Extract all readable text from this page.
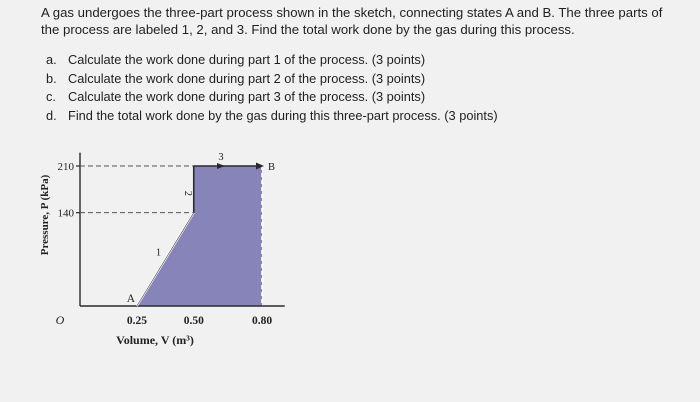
A gas undergoes the three-part process shown in the sketch, connecting states A and B. The three parts of the process are labeled 1, 2, and 3. Find the total work done by the gas during this process.
a. Calculate the work done during part 1 of the process. (3 points)
b. Calculate the work done during part 2 of the process. (3 points)
c. Calculate the work done during part 3 of the process. (3 points)
d. Find the total work done by the gas during this three-part process. (3 points)
140
210
0.25	0.50	0.80
O
1
2
3
A
B
Volume, V (m³)
Pressure, P (kPa)
